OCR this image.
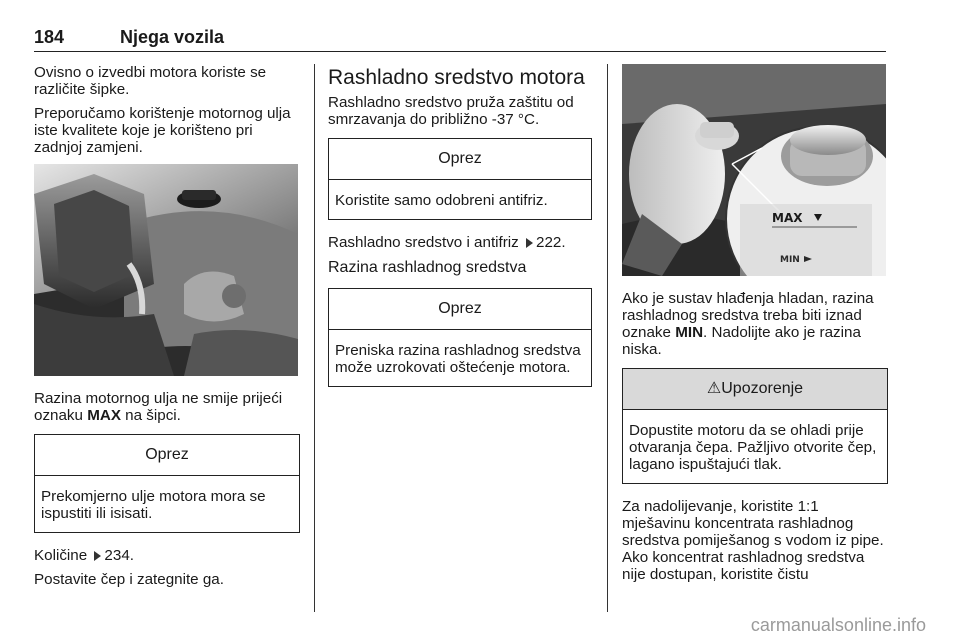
184	Njega vozila

Ovisno o izvedbi motora koriste se različite šipke.

Preporučamo korištenje motornog ulja iste kvalitete koje je korišteno pri zadnjoj zamjeni.

Razina motornog ulja ne smije prijeći oznaku MAX na šipci.

Oprez
Prekomjerno ulje motora mora se ispustiti ili isisati.

Količine 234.

Postavite čep i zategnite ga.

Rashladno sredstvo motora

Rashladno sredstvo pruža zaštitu od smrzavanja do približno -37 °C.

Oprez
Koristite samo odobreni antifriz.

Rashladno sredstvo i antifriz 222.

Razina rashladnog sredstva
Oprez
Preniska razina rashladnog sredstva može uzrokovati oštećenje motora.
MAX
MIN

Ako je sustav hlađenja hladan, razina rashladnog sredstva treba biti iznad oznake MIN. Nadolijte ako je razina niska.

⚠Upozorenje
Dopustite motoru da se ohladi prije otvaranja čepa. Pažljivo otvorite čep, lagano ispuštajući tlak.

Za nadolijevanje, koristite 1:1 mješavinu koncentrata rashladnog sredstva pomiješanog s vodom iz pipe. Ako koncentrat rashladnog sredstva nije dostupan, koristite čistu

carmanualsonline.info
